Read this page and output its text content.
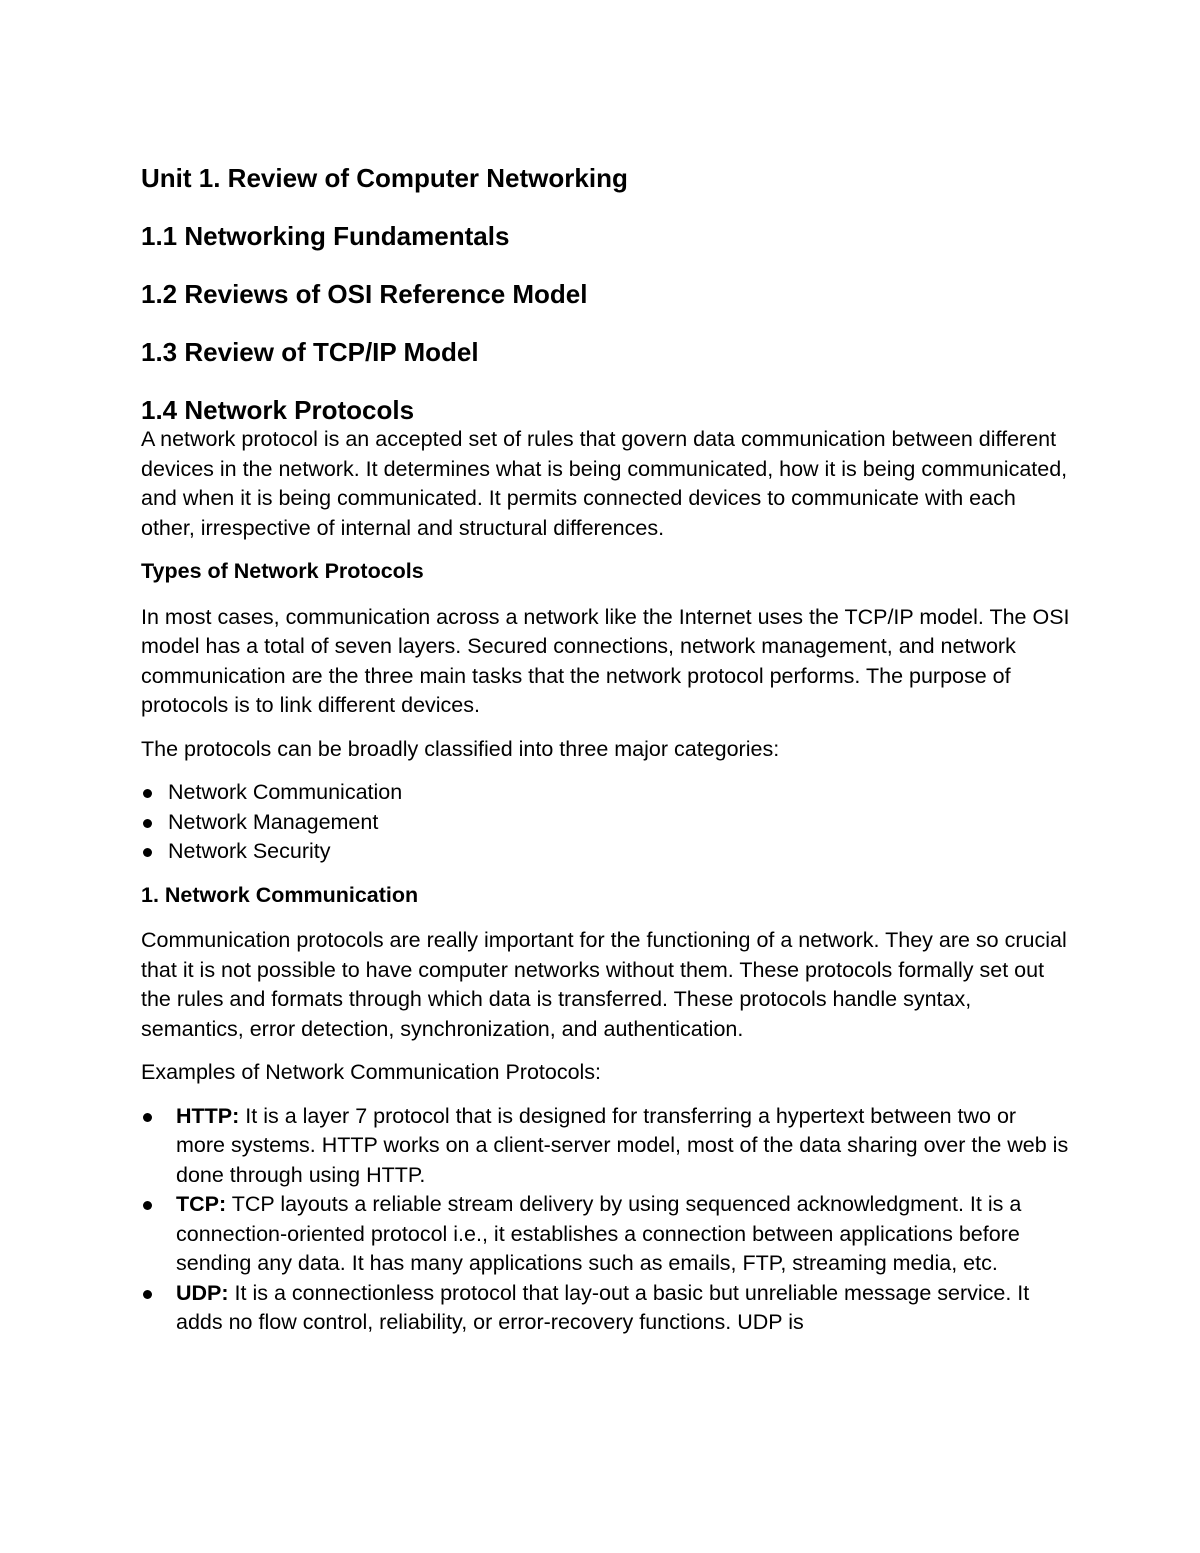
Unit 1. Review of Computer Networking
1.1 Networking Fundamentals
1.2 Reviews of OSI Reference Model
1.3 Review of TCP/IP Model
1.4 Network Protocols

A network protocol is an accepted set of rules that govern data communication between different devices in the network. It determines what is being communicated, how it is being communicated, and when it is being communicated. It permits connected devices to communicate with each other, irrespective of internal and structural differences.

Types of Network Protocols

In most cases, communication across a network like the Internet uses the TCP/IP model. The OSI model has a total of seven layers. Secured connections, network management, and network communication are the three main tasks that the network protocol performs. The purpose of protocols is to link different devices.

The protocols can be broadly classified into three major categories:

Network Communication
Network Management
Network Security

1. Network Communication

Communication protocols are really important for the functioning of a network. They are so crucial that it is not possible to have computer networks without them. These protocols formally set out the rules and formats through which data is transferred. These protocols handle syntax, semantics, error detection, synchronization, and authentication.

Examples of Network Communication Protocols:

HTTP: It is a layer 7 protocol that is designed for transferring a hypertext between two or more systems. HTTP works on a client-server model, most of the data sharing over the web is done through using HTTP.
TCP: TCP layouts a reliable stream delivery by using sequenced acknowledgment. It is a connection-oriented protocol i.e., it establishes a connection between applications before sending any data. It has many applications such as emails, FTP, streaming media, etc.
UDP: It is a connectionless protocol that lay-out a basic but unreliable message service. It adds no flow control, reliability, or error-recovery functions. UDP is
